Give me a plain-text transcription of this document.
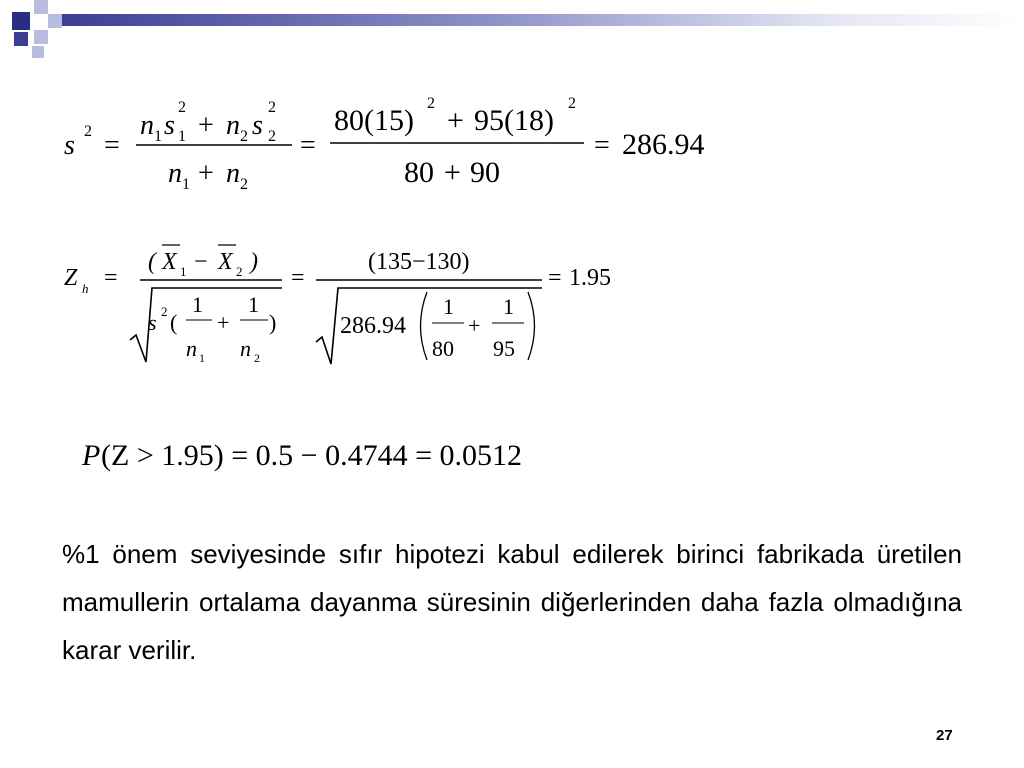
s 2 =
n 1 s
2
1 + n 2 s
2
2
n 1 + n 2
=
80(15)
2
+ 95(18)
2
80 + 90
= 286.94
Z h =
( X 1 − X 2 )
s 2 (
1
n 1
+
1
n 2
)
=
(135−130)
286.94
1
80
+
1
95
= 1.95
P (Z > 1.95) = 0.5 − 0.4744 = 0.0512

%1 önem seviyesinde sıfır hipotezi kabul edilerek birinci fabrikada üretilen mamullerin ortalama dayanma süresinin diğerlerinden daha fazla olmadığına karar verilir.

27
